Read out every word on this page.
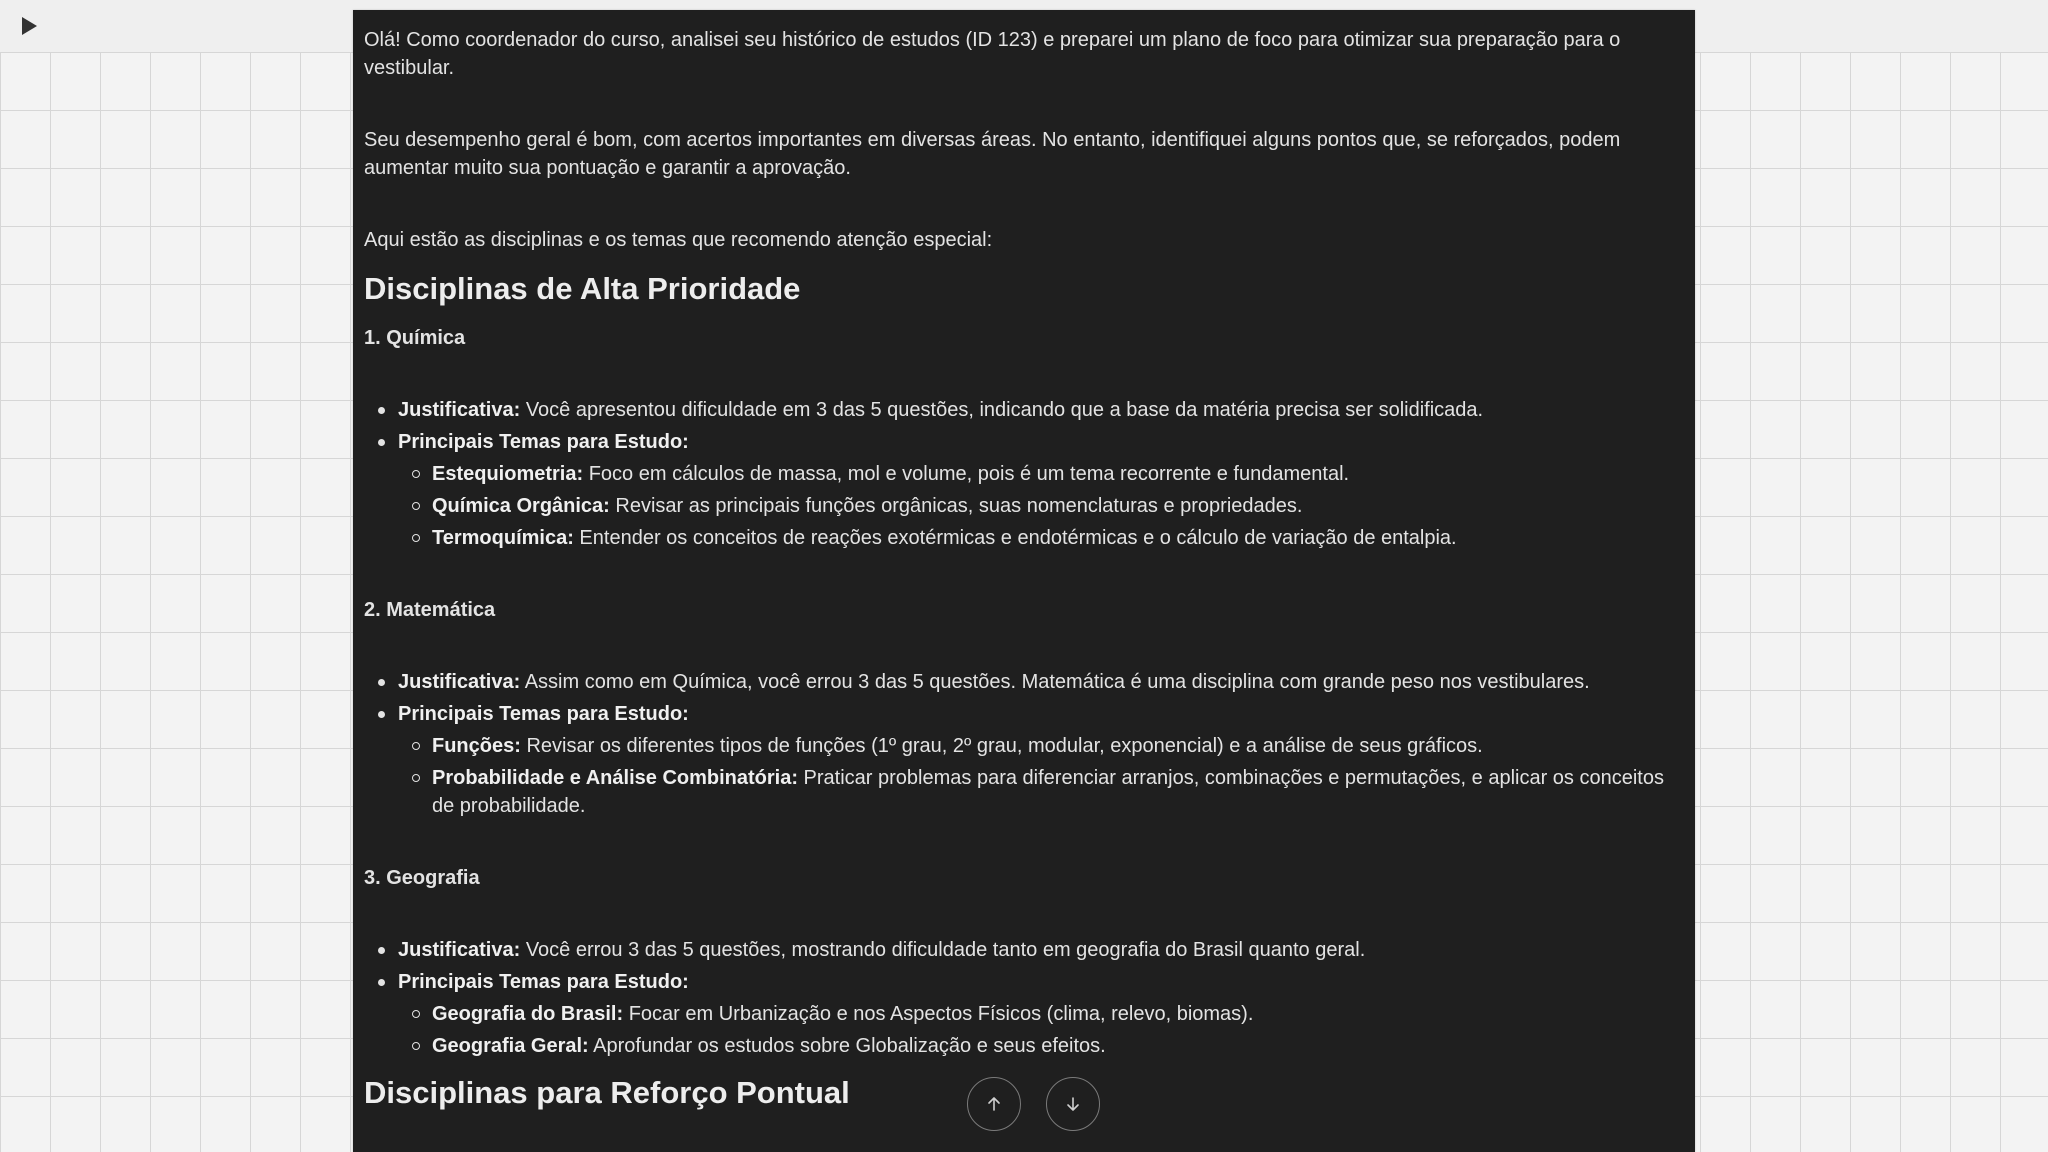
Olá! Como coordenador do curso, analisei seu histórico de estudos (ID 123) e preparei um plano de foco para otimizar sua preparação para o vestibular.

Seu desempenho geral é bom, com acertos importantes em diversas áreas. No entanto, identifiquei alguns pontos que, se reforçados, podem aumentar muito sua pontuação e garantir a aprovação.

Aqui estão as disciplinas e os temas que recomendo atenção especial:

Disciplinas de Alta Prioridade
1. Química
Justificativa: Você apresentou dificuldade em 3 das 5 questões, indicando que a base da matéria precisa ser solidificada.
Principais Temas para Estudo:
Estequiometria: Foco em cálculos de massa, mol e volume, pois é um tema recorrente e fundamental.
Química Orgânica: Revisar as principais funções orgânicas, suas nomenclaturas e propriedades.
Termoquímica: Entender os conceitos de reações exotérmicas e endotérmicas e o cálculo de variação de entalpia.
2. Matemática
Justificativa: Assim como em Química, você errou 3 das 5 questões. Matemática é uma disciplina com grande peso nos vestibulares.
Principais Temas para Estudo:
Funções: Revisar os diferentes tipos de funções (1º grau, 2º grau, modular, exponencial) e a análise de seus gráficos.
Probabilidade e Análise Combinatória: Praticar problemas para diferenciar arranjos, combinações e permutações, e aplicar os conceitos de probabilidade.
3. Geografia
Justificativa: Você errou 3 das 5 questões, mostrando dificuldade tanto em geografia do Brasil quanto geral.
Principais Temas para Estudo:
Geografia do Brasil: Focar em Urbanização e nos Aspectos Físicos (clima, relevo, biomas).
Geografia Geral: Aprofundar os estudos sobre Globalização e seus efeitos.
Disciplinas para Reforço Pontual
